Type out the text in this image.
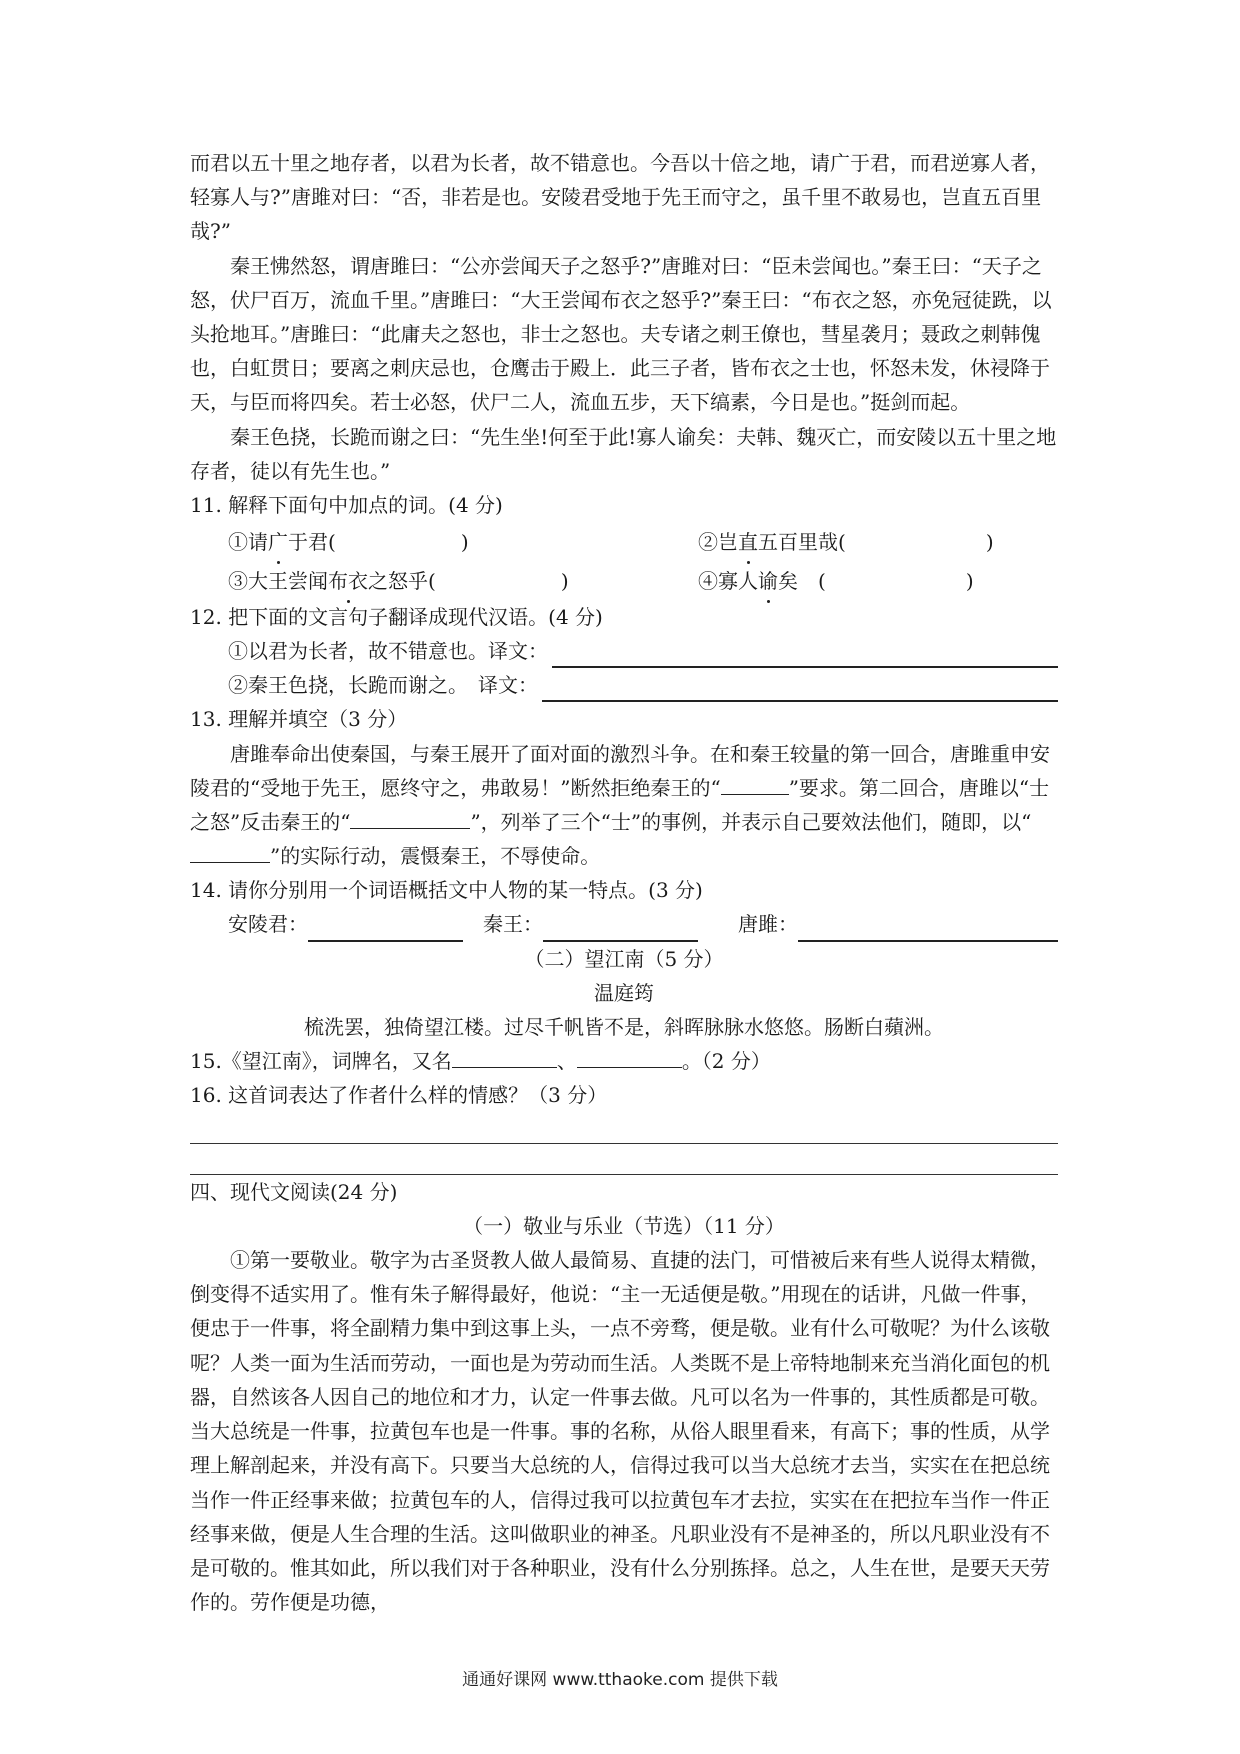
而君以五十里之地存者，以君为长者，故不错意也。今吾以十倍之地，请广于君，而君逆寡人者，轻寡人与?”唐雎对曰：“否，非若是也。安陵君受地于先王而守之，虽千里不敢易也，岂直五百里哉?”

秦王怫然怒，谓唐雎曰：“公亦尝闻天子之怒乎?”唐雎对曰：“臣未尝闻也。”秦王曰：“天子之怒，伏尸百万，流血千里。”唐雎曰：“大王尝闻布衣之怒乎?”秦王曰：“布衣之怒，亦免冠徒跣，以头抢地耳。”唐雎曰：“此庸夫之怒也，非士之怒也。夫专诸之刺王僚也，彗星袭月；聂政之刺韩傀也，白虹贯日；要离之刺庆忌也，仓鹰击于殿上．此三子者，皆布衣之士也，怀怒未发，休祲降于天，与臣而将四矣。若士必怒，伏尸二人，流血五步，天下缟素，今日是也。”挺剑而起。

秦王色挠，长跪而谢之曰：“先生坐!何至于此!寡人谕矣：夫韩、魏灭亡，而安陵以五十里之地存者，徒以有先生也。”

11. 解释下面句中加点的词。(4 分)

①请广于君(	)	②岂直五百里哉(	)
③大王尝闻布衣之怒乎(	)	④寡人谕矣　(	)

12. 把下面的文言句子翻译成现代汉语。(4 分)

①以君为长者，故不错意也。译文：
②秦王色挠，长跪而谢之。　译文：

13. 理解并填空（3 分）

唐雎奉命出使秦国，与秦王展开了面对面的激烈斗争。在和秦王较量的第一回合，唐雎重申安陵君的“受地于先王，愿终守之，弗敢易！”断然拒绝秦王的“	”要求。第二回合，唐雎以“士之怒”反击秦王的“	”，列举了三个“士”的事例，并表示自己要效法他们，随即，以“”的实际行动，震慑秦王，不辱使命。

14. 请你分别用一个词语概括文中人物的某一特点。(3 分)

安陵君：	秦王：	唐雎：

（二）望江南（5 分）

温庭筠

梳洗罢，独倚望江楼。过尽千帆皆不是，斜晖脉脉水悠悠。肠断白蘋洲。

15.《望江南》，词牌名，又名	、	。（2 分）

16. 这首词表达了作者什么样的情感？（3 分）

四、现代文阅读(24 分)

（一）敬业与乐业（节选）（11 分）

①第一要敬业。敬字为古圣贤教人做人最简易、直捷的法门，可惜被后来有些人说得太精微，倒变得不适实用了。惟有朱子解得最好，他说：“主一无适便是敬。”用现在的话讲，凡做一件事，便忠于一件事，将全副精力集中到这事上头，一点不旁骛，便是敬。业有什么可敬呢？为什么该敬呢？人类一面为生活而劳动，一面也是为劳动而生活。人类既不是上帝特地制来充当消化面包的机器，自然该各人因自己的地位和才力，认定一件事去做。凡可以名为一件事的，其性质都是可敬。当大总统是一件事，拉黄包车也是一件事。事的名称，从俗人眼里看来，有高下；事的性质，从学理上解剖起来，并没有高下。只要当大总统的人，信得过我可以当大总统才去当，实实在在把总统当作一件正经事来做；拉黄包车的人，信得过我可以拉黄包车才去拉，实实在在把拉车当作一件正经事来做，便是人生合理的生活。这叫做职业的神圣。凡职业没有不是神圣的，所以凡职业没有不是可敬的。惟其如此，所以我们对于各种职业，没有什么分别拣择。总之，人生在世，是要天天劳作的。劳作便是功德，

通通好课网 www.tthaoke.com 提供下载
